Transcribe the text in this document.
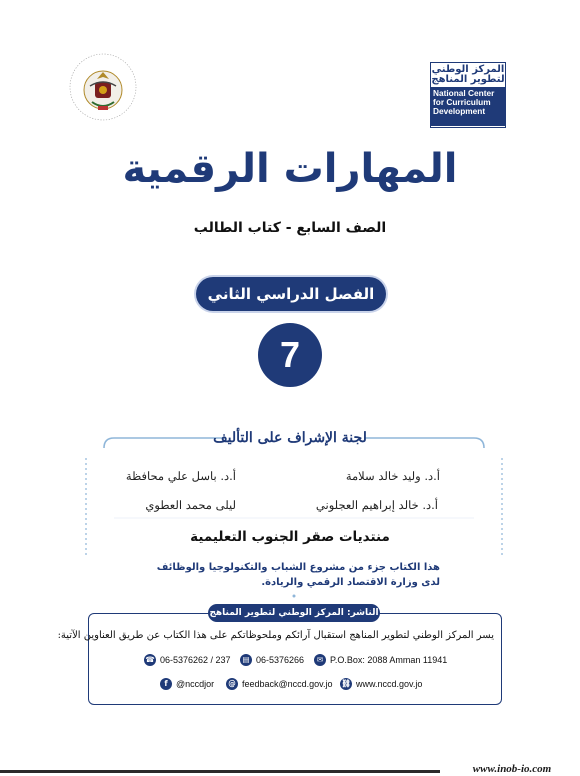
المركز الوطني لتطوير المناهج
National Center for Curriculum Development
المهارات الرقمية
الصف السابع - كتاب الطالب
الفصل الدراسي الثاني
7
لجنة الإشراف على التأليف
أ.د. وليد خالد سلامة
أ.د. باسل علي محافظة
أ.د. خالد إبراهيم العجلوني
ليلى محمد العطوي
منتديات صقر الجنوب التعليمية
هذا الكتاب جزء من مشروع الشباب والتكنولوجيا والوظائف لدى وزارة الاقتصاد الرقمي والريادة.
الناشر: المركز الوطني لتطوير المناهج
يسر المركز الوطني لتطوير المناهج استقبال آرائكم وملحوظاتكم على هذا الكتاب عن طريق العناوين الآتية:
☎ 06-5376262 / 237	▤ 06-5376266	✉ P.O.Box: 2088 Amman 11941
f @nccdjor	@ feedback@nccd.gov.jo ⛓ www.nccd.gov.jo
www.inob-io.com
